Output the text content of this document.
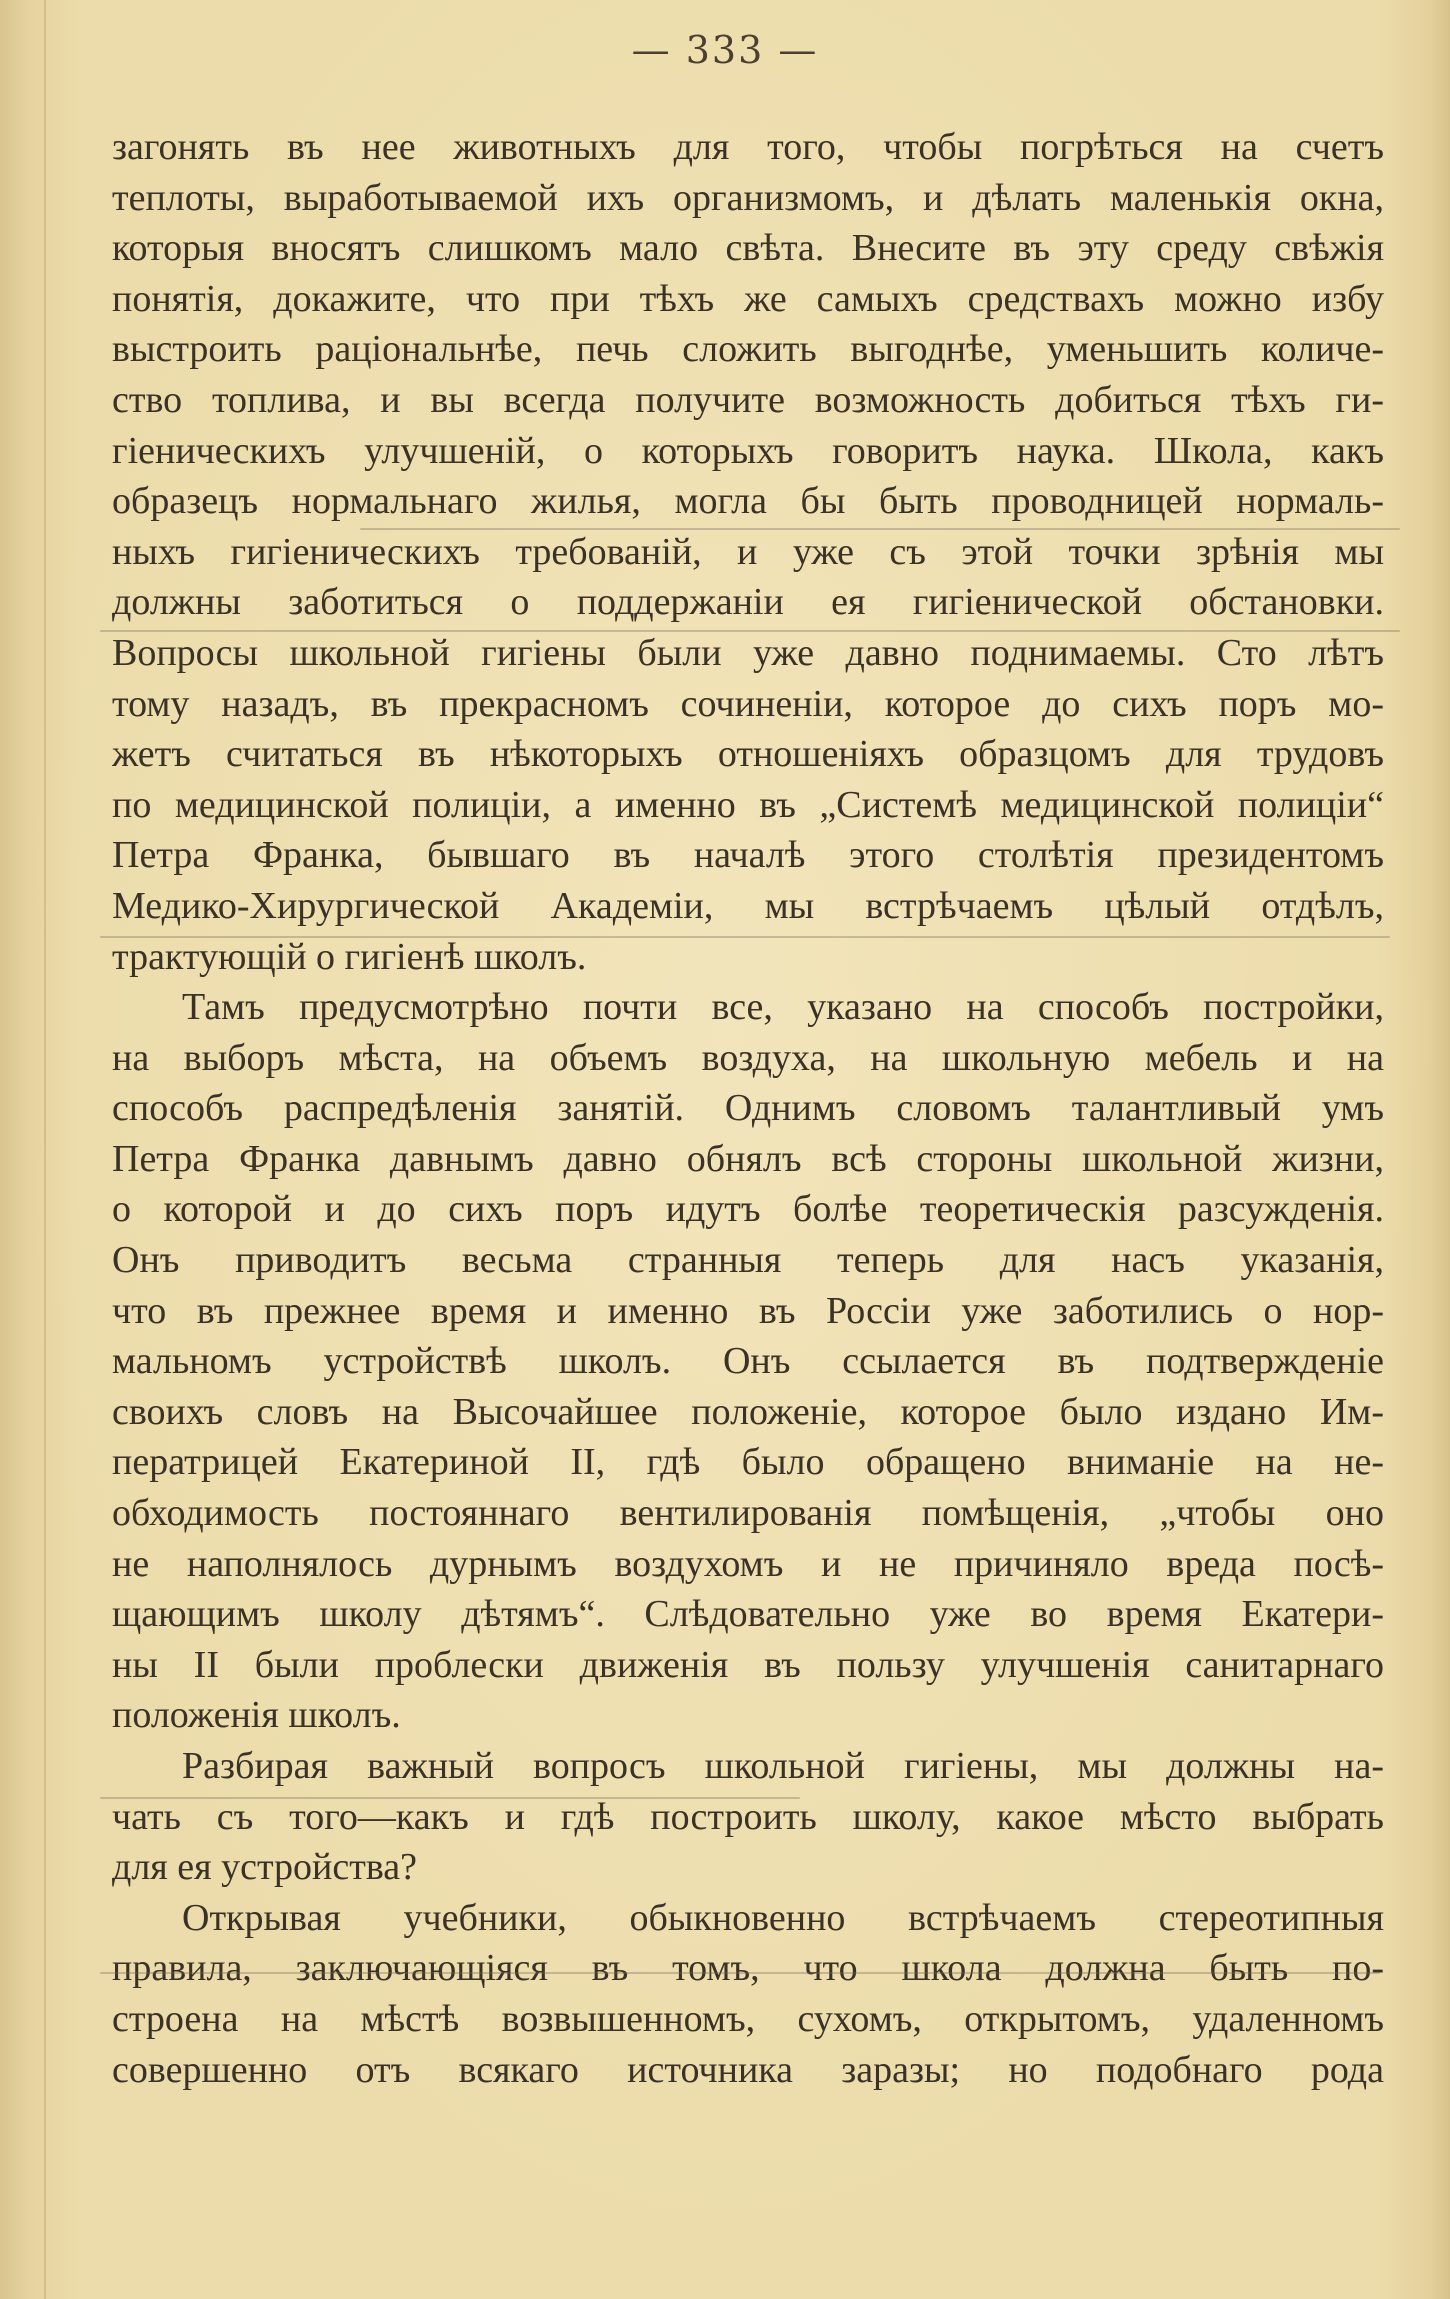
— 333 —
загонять въ нее животныхъ для того, чтобы погрѣться на счетъ
теплоты, выработываемой ихъ организмомъ, и дѣлать маленькія окна,
которыя вносятъ слишкомъ мало свѣта. Внесите въ эту среду свѣжія
понятія, докажите, что при тѣхъ же самыхъ средствахъ можно избу
выстроить раціональнѣе, печь сложить выгоднѣе, уменьшить количе-
ство топлива, и вы всегда получите возможность добиться тѣхъ ги-
гіеническихъ улучшеній, о которыхъ говоритъ наука. Школа, какъ
образецъ нормальнаго жилья, могла бы быть проводницей нормаль-
ныхъ гигіеническихъ требованій, и уже съ этой точки зрѣнія мы
должны заботиться о поддержаніи ея гигіенической обстановки.
Вопросы школьной гигіены были уже давно поднимаемы. Сто лѣтъ
тому назадъ, въ прекрасномъ сочиненіи, которое до сихъ поръ мо-
жетъ считаться въ нѣкоторыхъ отношеніяхъ образцомъ для трудовъ
по медицинской полиціи, а именно въ „Системѣ медицинской полиціи“
Петра Франка, бывшаго въ началѣ этого столѣтія президентомъ
Медико-Хирургической Академіи, мы встрѣчаемъ цѣлый отдѣлъ,
трактующій о гигіенѣ школъ.
Тамъ предусмотрѣно почти все, указано на способъ постройки,
на выборъ мѣста, на объемъ воздуха, на школьную мебель и на
способъ распредѣленія занятій. Однимъ словомъ талантливый умъ
Петра Франка давнымъ давно обнялъ всѣ стороны школьной жизни,
о которой и до сихъ поръ идутъ болѣе теоретическія разсужденія.
Онъ приводитъ весьма странныя теперь для насъ указанія,
что въ прежнее время и именно въ Россіи уже заботились о нор-
мальномъ устройствѣ школъ. Онъ ссылается въ подтвержденіе
своихъ словъ на Высочайшее положеніе, которое было издано Им-
ператрицей Екатериной II, гдѣ было обращено вниманіе на не-
обходимость постояннаго вентилированія помѣщенія, „чтобы оно
не наполнялось дурнымъ воздухомъ и не причиняло вреда посѣ-
щающимъ школу дѣтямъ“. Слѣдовательно уже во время Екатери-
ны II были проблески движенія въ пользу улучшенія санитарнаго
положенія школъ.
Разбирая важный вопросъ школьной гигіены, мы должны на-
чать съ того—какъ и гдѣ построить школу, какое мѣсто выбрать
для ея устройства?
Открывая учебники, обыкновенно встрѣчаемъ стереотипныя
правила, заключающіяся въ томъ, что школа должна быть по-
строена на мѣстѣ возвышенномъ, сухомъ, открытомъ, удаленномъ
совершенно отъ всякаго источника заразы; но подобнаго рода
